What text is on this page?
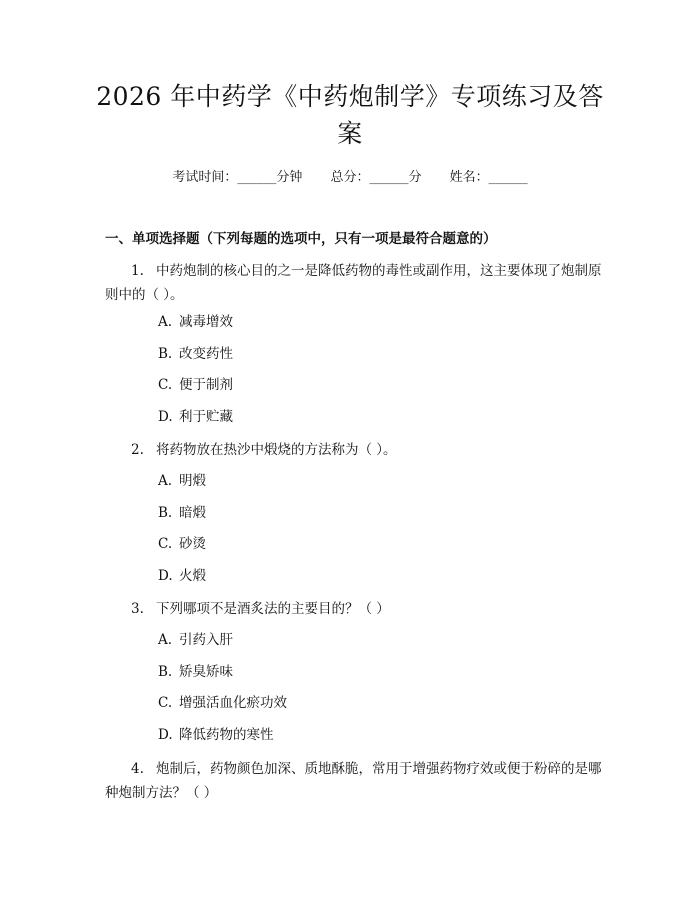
2026 年中药学《中药炮制学》专项练习及答
案
考试时间：______分钟 总分：______分 姓名：______
一、单项选择题（下列每题的选项中，只有一项是最符合题意的）
1. 中药炮制的核心目的之一是降低药物的毒性或副作用，这主要体现了炮制原则中的（ ）。
A. 减毒增效
B. 改变药性
C. 便于制剂
D. 利于贮藏
2. 将药物放在热沙中煅烧的方法称为（ ）。
A. 明煅
B. 暗煅
C. 砂烫
D. 火煅
3. 下列哪项不是酒炙法的主要目的？（ ）
A. 引药入肝
B. 矫臭矫味
C. 增强活血化瘀功效
D. 降低药物的寒性
4. 炮制后，药物颜色加深、质地酥脆，常用于增强药物疗效或便于粉碎的是哪种炮制方法？（ ）
